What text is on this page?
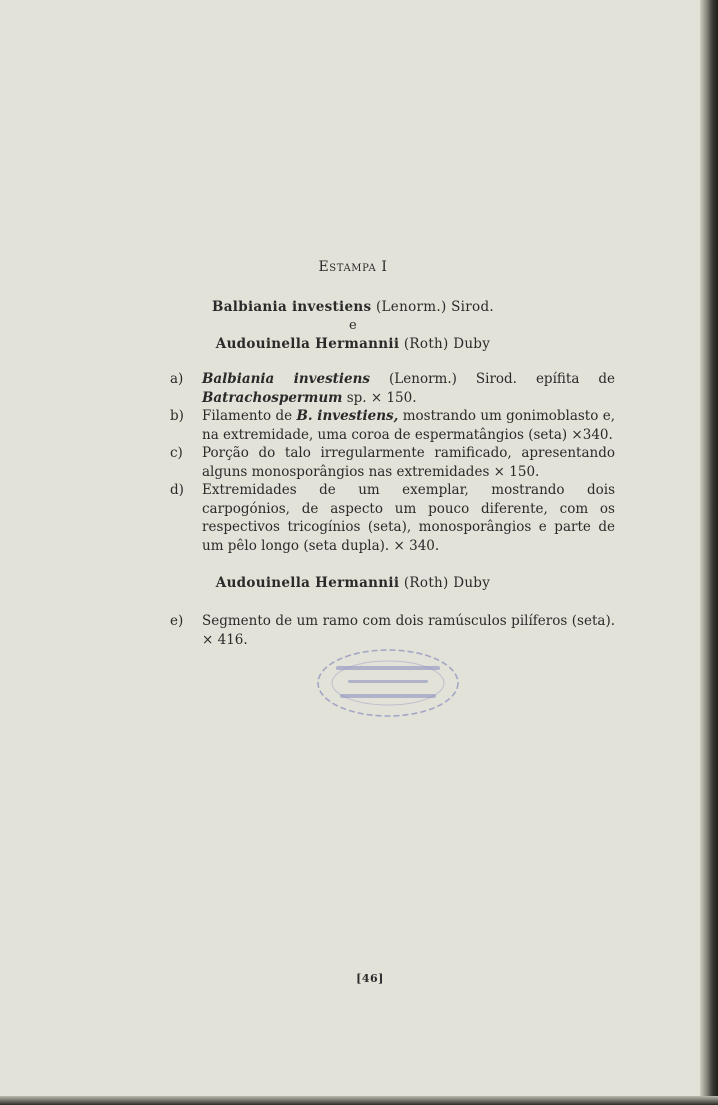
Estampa I
Balbiania investiens (Lenorm.) Sirod.
e
Audouinella Hermannii (Roth) Duby
a)	Balbiania investiens (Lenorm.) Sirod. epífita de Batrachospermum sp. × 150.
b)	Filamento de B. investiens, mostrando um gonimoblasto e, na extremidade, uma coroa de espermatângios (seta) ×340.
c)	Porção do talo irregularmente ramificado, apresentando alguns monosporângios nas extremidades × 150.
d)	Extremidades de um exemplar, mostrando dois carpogónios, de aspecto um pouco diferente, com os respectivos tricogínios (seta), monosporângios e parte de um pêlo longo (seta dupla). × 340.
Audouinella Hermannii (Roth) Duby
e)	Segmento de um ramo com dois ramúsculos pilíferos (seta). × 416.
[46]
